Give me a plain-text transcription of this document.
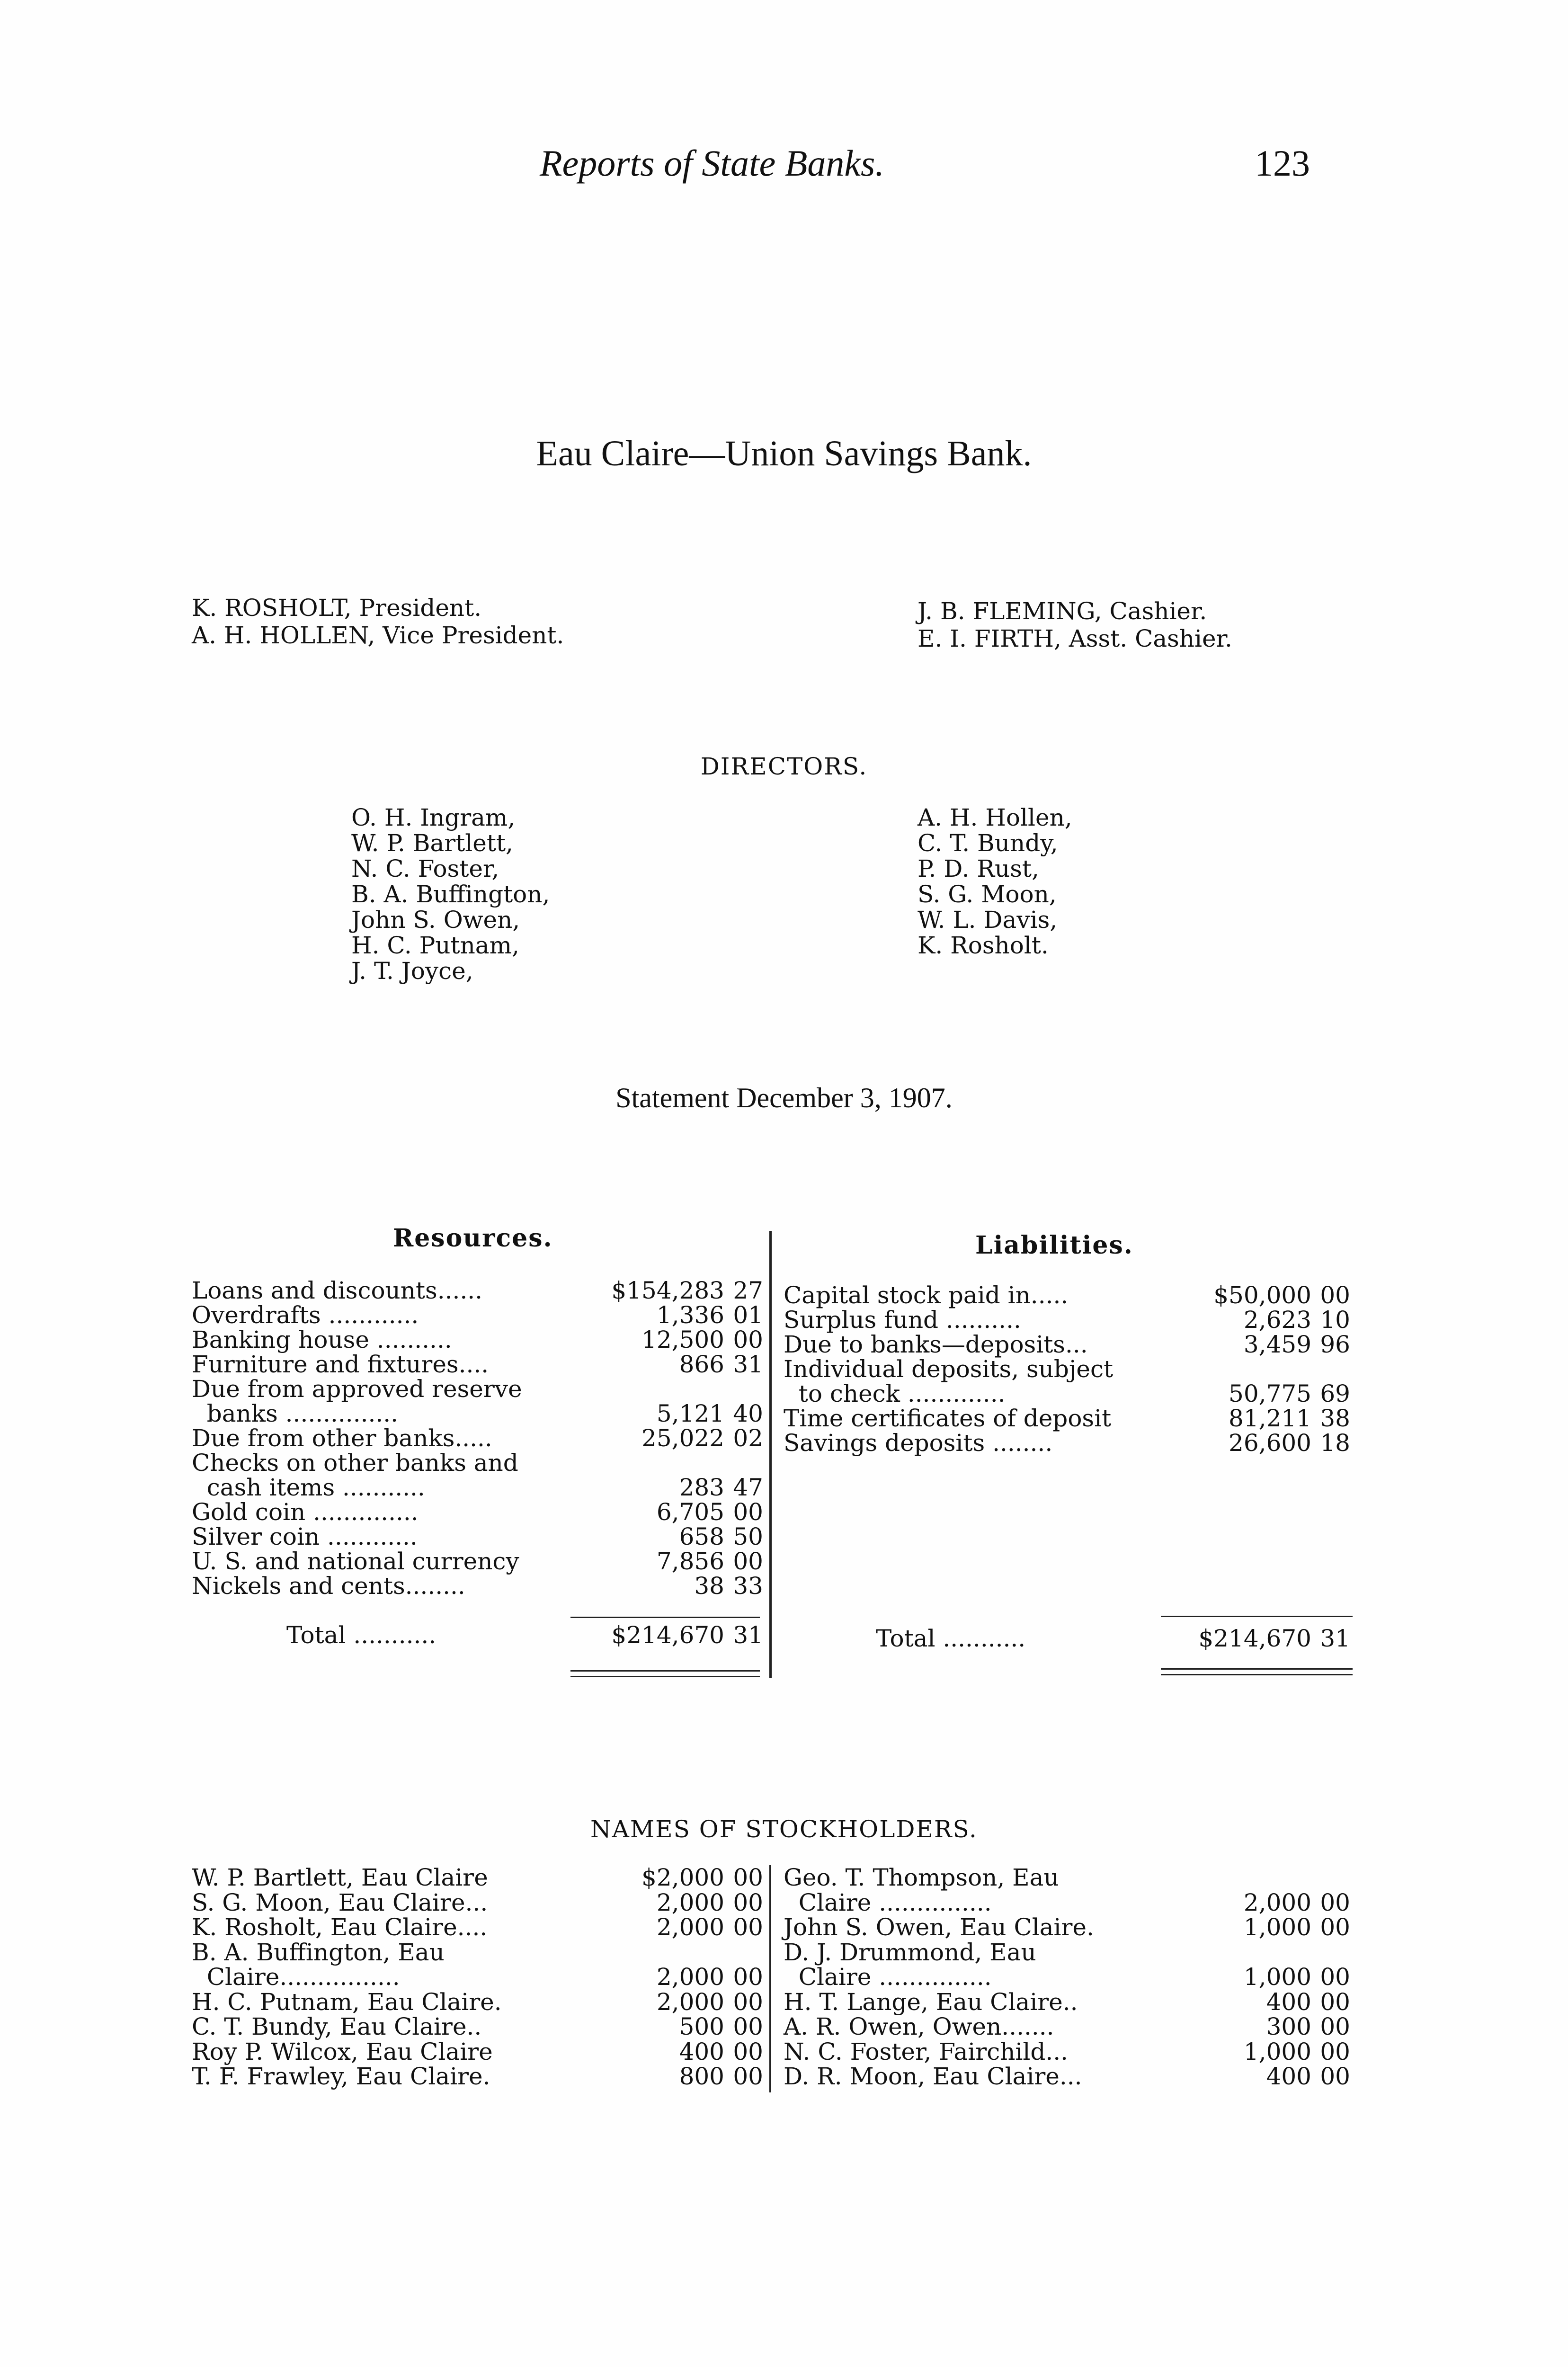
Reports of State Banks.	123
Eau Claire—Union Savings Bank.
K. ROSHOLT, President.
A. H. HOLLEN, Vice President.
J. B. FLEMING, Cashier.
E. I. FIRTH, Asst. Cashier.
DIRECTORS.
O. H. Ingram,
W. P. Bartlett,
N. C. Foster,
B. A. Buffington,
John S. Owen,
H. C. Putnam,
J. T. Joyce,
A. H. Hollen,
C. T. Bundy,
P. D. Rust,
S. G. Moon,
W. L. Davis,
K. Rosholt.
Statement December 3, 1907.
Resources.	Liabilities.
Loans and discounts......	$154,283 27
Overdrafts ............	1,336 01
Banking house ..........	12,500 00
Furniture and fixtures....	866 31
Due from approved reserve
banks ...............	5,121 40
Due from other banks.....	25,022 02
Checks on other banks and
cash items ...........	283 47
Gold coin ..............	6,705 00
Silver coin ............	658 50
U. S. and national currency	7,856 00
Nickels and cents........	38 33
Capital stock paid in.....	$50,000 00
Surplus fund ..........	2,623 10
Due to banks—deposits...	3,459 96
Individual deposits, subject
to check .............	50,775 69
Time certificates of deposit	81,211 38
Savings deposits ........	26,600 18
Total ...........	$214,670 31	Total ...........	$214,670 31
NAMES OF STOCKHOLDERS.
W. P. Bartlett, Eau Claire	$2,000 00
S. G. Moon, Eau Claire...	2,000 00
K. Rosholt, Eau Claire....	2,000 00
B. A. Buffington, Eau
Claire................	2,000 00
H. C. Putnam, Eau Claire.	2,000 00
C. T. Bundy, Eau Claire..	500 00
Roy P. Wilcox, Eau Claire	400 00
T. F. Frawley, Eau Claire.	800 00
Geo. T. Thompson, Eau
Claire ...............	2,000 00
John S. Owen, Eau Claire.	1,000 00
D. J. Drummond, Eau
Claire ...............	1,000 00
H. T. Lange, Eau Claire..	400 00
A. R. Owen, Owen.......	300 00
N. C. Foster, Fairchild...	1,000 00
D. R. Moon, Eau Claire...	400 00
